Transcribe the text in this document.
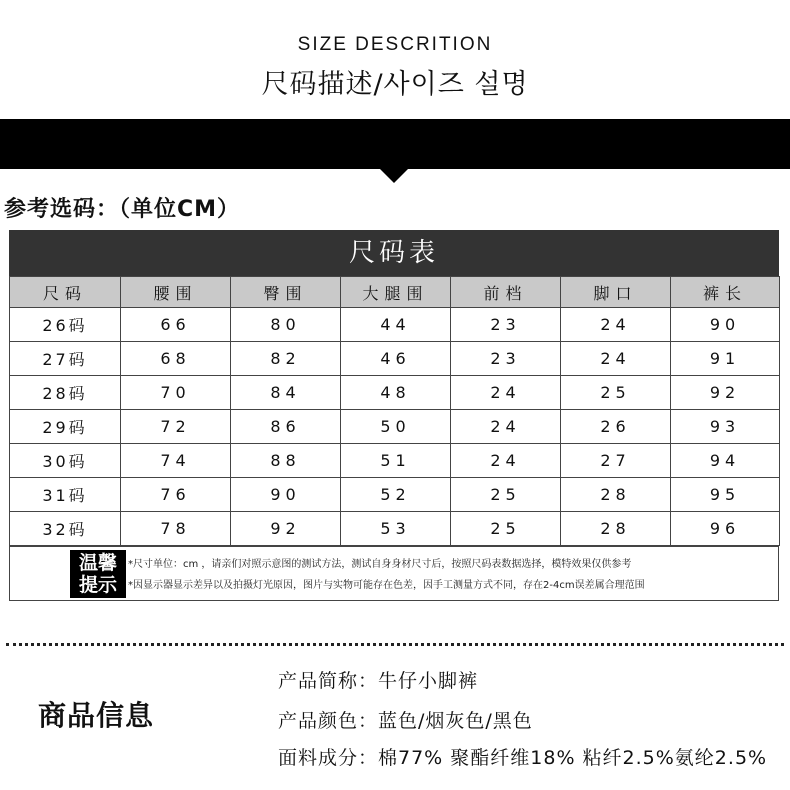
SIZE DESCRITION
尺码描述/사이즈 설명
参考选码：（单位CM）
尺码表
尺码	腰围	臀围	大腿围	前档	脚口	裤长
26码	66	80	44	23	24	90
27码	68	82	46	23	24	91
28码	70	84	48	24	25	92
29码	72	86	50	24	26	93
30码	74	88	51	24	27	94
31码	76	90	52	25	28	95
32码	78	92	53	25	28	96
温馨
提示
*尺寸单位：cm ，请亲们对照示意图的测试方法，测试自身身材尺寸后，按照尺码表数据选择，模特效果仅供参考
*因显示器显示差异以及拍摄灯光原因，图片与实物可能存在色差，因手工测量方式不同，存在2-4cm误差属合理范围
商品信息
产品简称：牛仔小脚裤
产品颜色：蓝色/烟灰色/黑色
面料成分：棉77% 聚酯纤维18% 粘纤2.5%氨纶2.5%
